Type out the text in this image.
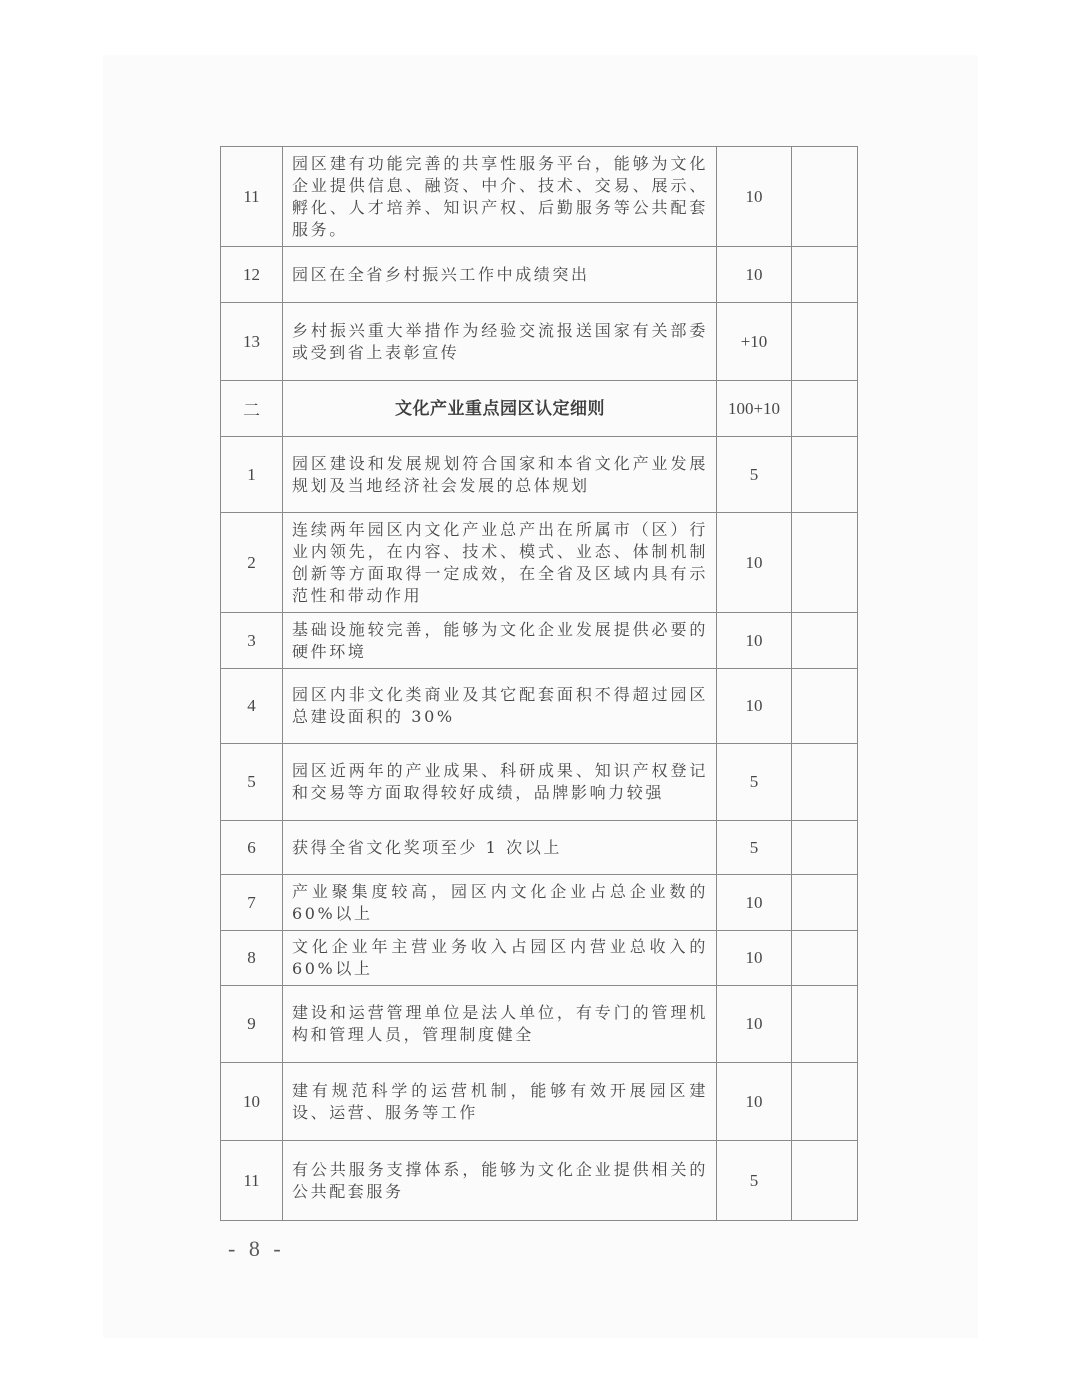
11	园区建有功能完善的共享性服务平台，能够为文化企业提供信息、融资、中介、技术、交易、展示、孵化、人才培养、知识产权、后勤服务等公共配套服务。	10	
12	园区在全省乡村振兴工作中成绩突出	10	
13	乡村振兴重大举措作为经验交流报送国家有关部委或受到省上表彰宣传	+10	
二	文化产业重点园区认定细则	100+10	
1	园区建设和发展规划符合国家和本省文化产业发展规划及当地经济社会发展的总体规划	5	
2	连续两年园区内文化产业总产出在所属市（区）行业内领先，在内容、技术、模式、业态、体制机制创新等方面取得一定成效，在全省及区域内具有示范性和带动作用	10	
3	基础设施较完善，能够为文化企业发展提供必要的硬件环境	10	
4	园区内非文化类商业及其它配套面积不得超过园区总建设面积的 30%	10	
5	园区近两年的产业成果、科研成果、知识产权登记和交易等方面取得较好成绩，品牌影响力较强	5	
6	获得全省文化奖项至少 1 次以上	5	
7	产业聚集度较高，园区内文化企业占总企业数的 60%以上	10	
8	文化企业年主营业务收入占园区内营业总收入的 60%以上	10	
9	建设和运营管理单位是法人单位，有专门的管理机构和管理人员，管理制度健全	10	
10	建有规范科学的运营机制，能够有效开展园区建设、运营、服务等工作	10	
11	有公共服务支撑体系，能够为文化企业提供相关的公共配套服务	5	
- 8 -
